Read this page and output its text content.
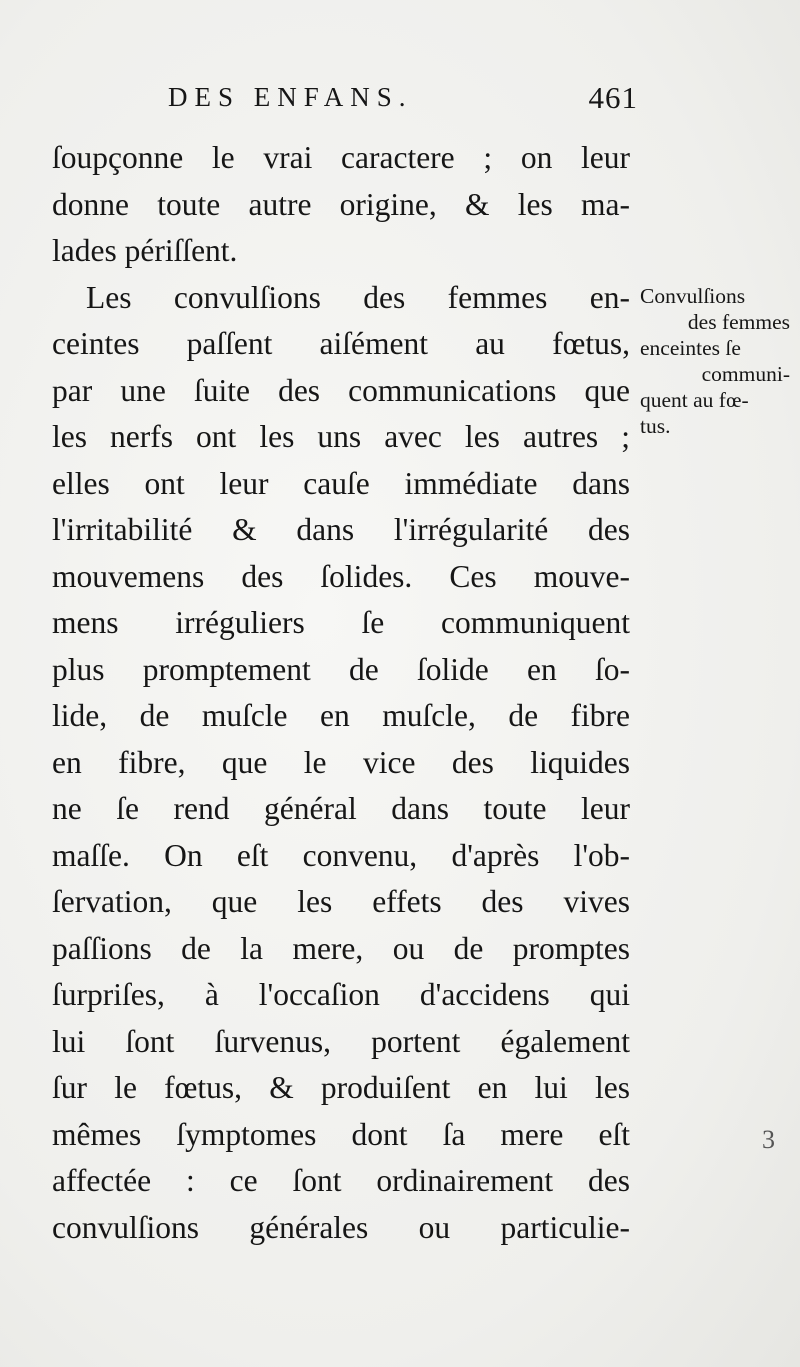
DES ENFANS.	461
ſoupçonne le vrai caractere ; on leur
donne toute autre origine, & les ma-
lades périſſent.
Les convulſions des femmes en-
ceintes paſſent aiſément au fœtus,
par une ſuite des communications que
les nerfs ont les uns avec les autres ;
elles ont leur cauſe immédiate dans
l'irritabilité & dans l'irrégularité des
mouvemens des ſolides. Ces mouve-
mens irréguliers ſe communiquent
plus promptement de ſolide en ſo-
lide, de muſcle en muſcle, de fibre
en fibre, que le vice des liquides
ne ſe rend général dans toute leur
maſſe. On eſt convenu, d'après l'ob-
ſervation, que les effets des vives
paſſions de la mere, ou de promptes
ſurpriſes, à l'occaſion d'accidens qui
lui ſont ſurvenus, portent également
ſur le fœtus, & produiſent en lui les
mêmes ſymptomes dont ſa mere eſt
affectée : ce ſont ordinairement des
convulſions générales ou particulie-
Convulſions
des femmes
enceintes ſe
communi-
quent au fœ-
tus.
3
